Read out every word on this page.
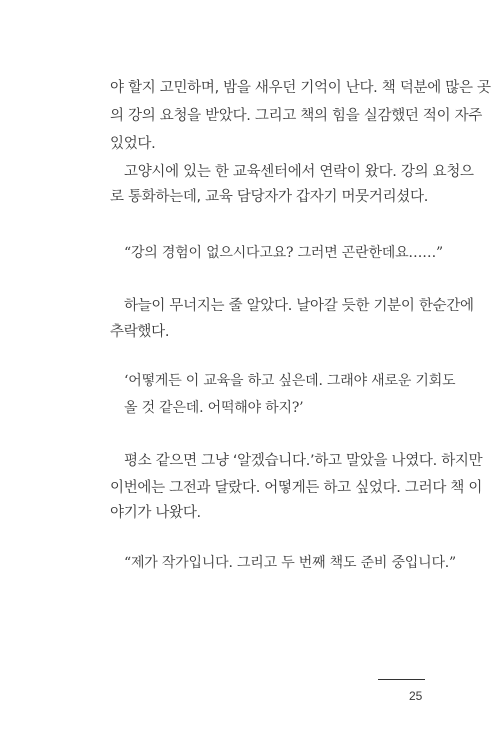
야 할지 고민하며, 밤을 새우던 기억이 난다. 책 덕분에 많은 곳
의 강의 요청을 받았다. 그리고 책의 힘을 실감했던 적이 자주
있었다.
고양시에 있는 한 교육센터에서 연락이 왔다. 강의 요청으
로 통화하는데, 교육 담당자가 갑자기 머뭇거리셨다.
“강의 경험이 없으시다고요? 그러면 곤란한데요……”
하늘이 무너지는 줄 알았다. 날아갈 듯한 기분이 한순간에
추락했다.
‘어떻게든 이 교육을 하고 싶은데. 그래야 새로운 기회도
올 것 같은데. 어떡해야 하지?’
평소 같으면 그냥 ‘알겠습니다.’하고 말았을 나였다. 하지만
이번에는 그전과 달랐다. 어떻게든 하고 싶었다. 그러다 책 이
야기가 나왔다.
“제가 작가입니다. 그리고 두 번째 책도 준비 중입니다.”
25
